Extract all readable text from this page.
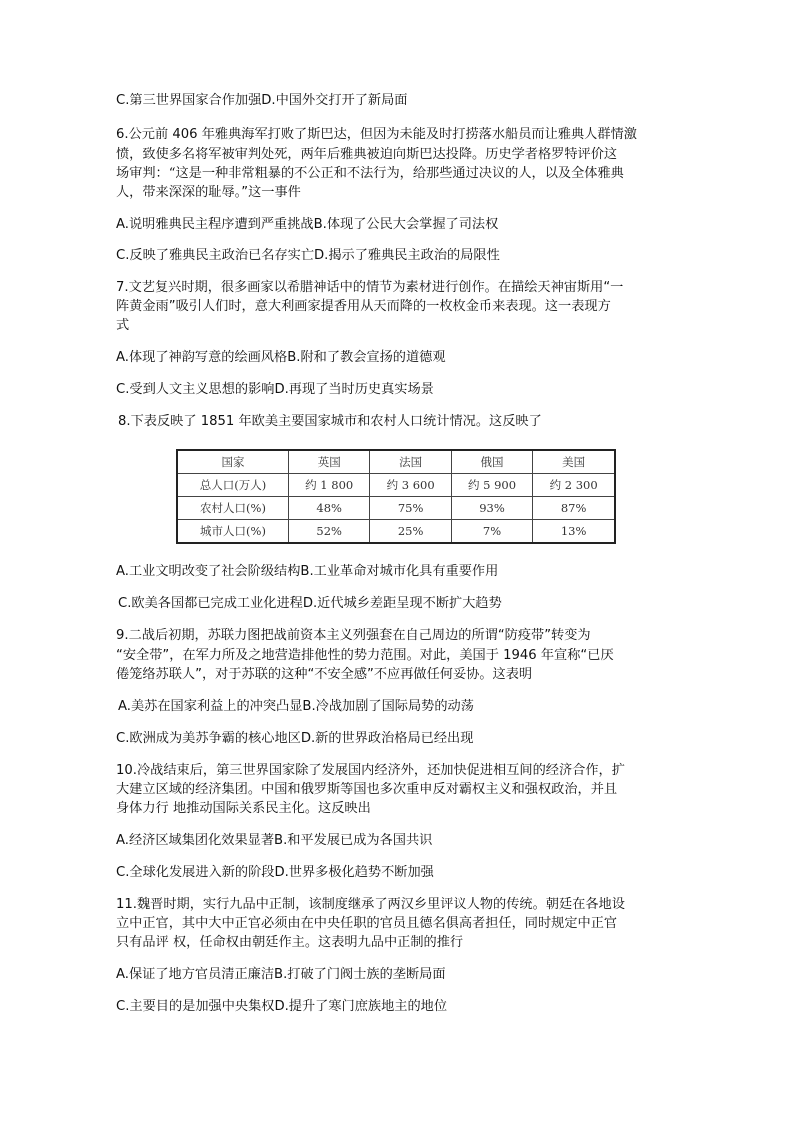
C.第三世界国家合作加强D.中国外交打开了新局面
6.公元前 406 年雅典海军打败了斯巴达，但因为未能及时打捞落水船员而让雅典人群情激
愤，致使多名将军被审判处死，两年后雅典被迫向斯巴达投降。历史学者格罗特评价这
场审判：“这是一种非常粗暴的不公正和不法行为，给那些通过决议的人，以及全体雅典
人，带来深深的耻辱。”这一事件
A.说明雅典民主程序遭到严重挑战B.体现了公民大会掌握了司法权
C.反映了雅典民主政治已名存实亡D.揭示了雅典民主政治的局限性
7.文艺复兴时期，很多画家以希腊神话中的情节为素材进行创作。在描绘天神宙斯用“一
阵黄金雨”吸引人们时，意大利画家提香用从天而降的一枚枚金币来表现。这一表现方
式
A.体现了神韵写意的绘画风格B.附和了教会宣扬的道德观
C.受到人文主义思想的影响D.再现了当时历史真实场景
8.下表反映了 1851 年欧美主要国家城市和农村人口统计情况。这反映了
国家	英国	法国	俄国	美国
总人口(万人)	约 1 800	约 3 600	约 5 900	约 2 300
农村人口(%)	48%	75%	93%	87%
城市人口(%)	52%	25%	7%	13%
A.工业文明改变了社会阶级结构B.工业革命对城市化具有重要作用
C.欧美各国都已完成工业化进程D.近代城乡差距呈现不断扩大趋势
9.二战后初期，苏联力图把战前资本主义列强套在自己周边的所谓“防疫带”转变为
“安全带”，在军力所及之地营造排他性的势力范围。对此，美国于 1946 年宣称“已厌
倦笼络苏联人”，对于苏联的这种“不安全感”不应再做任何妥协。这表明
A.美苏在国家利益上的冲突凸显B.冷战加剧了国际局势的动荡
C.欧洲成为美苏争霸的核心地区D.新的世界政治格局已经出现
10.冷战结束后，第三世界国家除了发展国内经济外，还加快促进相互间的经济合作，扩
大建立区域的经济集团。中国和俄罗斯等国也多次重申反对霸权主义和强权政治，并且
身体力行 地推动国际关系民主化。这反映出
A.经济区域集团化效果显著B.和平发展已成为各国共识
C.全球化发展进入新的阶段D.世界多极化趋势不断加强
11.魏晋时期，实行九品中正制，该制度继承了两汉乡里评议人物的传统。朝廷在各地设
立中正官，其中大中正官必须由在中央任职的官员且德名俱高者担任，同时规定中正官
只有品评 权，任命权由朝廷作主。这表明九品中正制的推行
A.保证了地方官员清正廉洁B.打破了门阀士族的垄断局面
C.主要目的是加强中央集权D.提升了寒门庶族地主的地位
